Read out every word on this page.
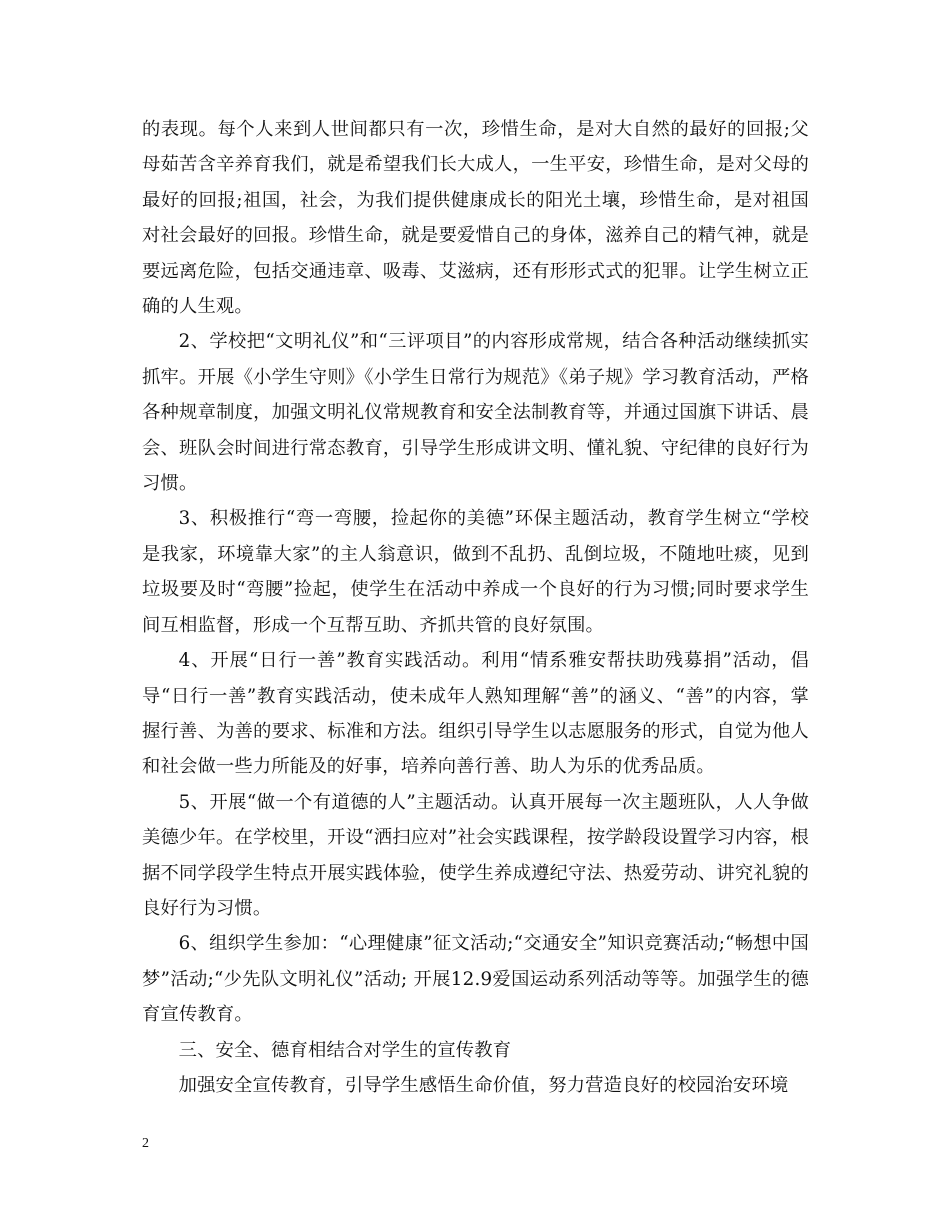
的表现。每个人来到人世间都只有一次，珍惜生命，是对大自然的最好的回报;父母茹苦含辛养育我们，就是希望我们长大成人，一生平安，珍惜生命，是对父母的最好的回报;祖国，社会，为我们提供健康成长的阳光土壤，珍惜生命，是对祖国对社会最好的回报。珍惜生命，就是要爱惜自己的身体，滋养自己的精气神，就是要远离危险，包括交通违章、吸毒、艾滋病，还有形形式式的犯罪。让学生树立正确的人生观。

2、学校把“文明礼仪”和“三评项目”的内容形成常规，结合各种活动继续抓实抓牢。开展《小学生守则》《小学生日常行为规范》《弟子规》学习教育活动，严格各种规章制度，加强文明礼仪常规教育和安全法制教育等，并通过国旗下讲话、晨会、班队会时间进行常态教育，引导学生形成讲文明、懂礼貌、守纪律的良好行为习惯。

3、积极推行“弯一弯腰，捡起你的美德”环保主题活动，教育学生树立“学校是我家，环境靠大家”的主人翁意识，做到不乱扔、乱倒垃圾，不随地吐痰，见到垃圾要及时“弯腰”捡起，使学生在活动中养成一个良好的行为习惯;同时要求学生间互相监督，形成一个互帮互助、齐抓共管的良好氛围。

4、开展“日行一善”教育实践活动。利用“情系雅安帮扶助残募捐”活动，倡导“日行一善”教育实践活动，使未成年人熟知理解“善”的涵义、“善”的内容，掌握行善、为善的要求、标准和方法。组织引导学生以志愿服务的形式，自觉为他人和社会做一些力所能及的好事，培养向善行善、助人为乐的优秀品质。

5、开展“做一个有道德的人”主题活动。认真开展每一次主题班队，人人争做美德少年。在学校里，开设“洒扫应对”社会实践课程，按学龄段设置学习内容，根据不同学段学生特点开展实践体验，使学生养成遵纪守法、热爱劳动、讲究礼貌的良好行为习惯。

6、组织学生参加：“心理健康”征文活动;“交通安全”知识竞赛活动;“畅想中国梦”活动;“少先队文明礼仪”活动; 开展12.9爱国运动系列活动等等。加强学生的德育宣传教育。

三、安全、德育相结合对学生的宣传教育

加强安全宣传教育，引导学生感悟生命价值，努力营造良好的校园治安环境

2
